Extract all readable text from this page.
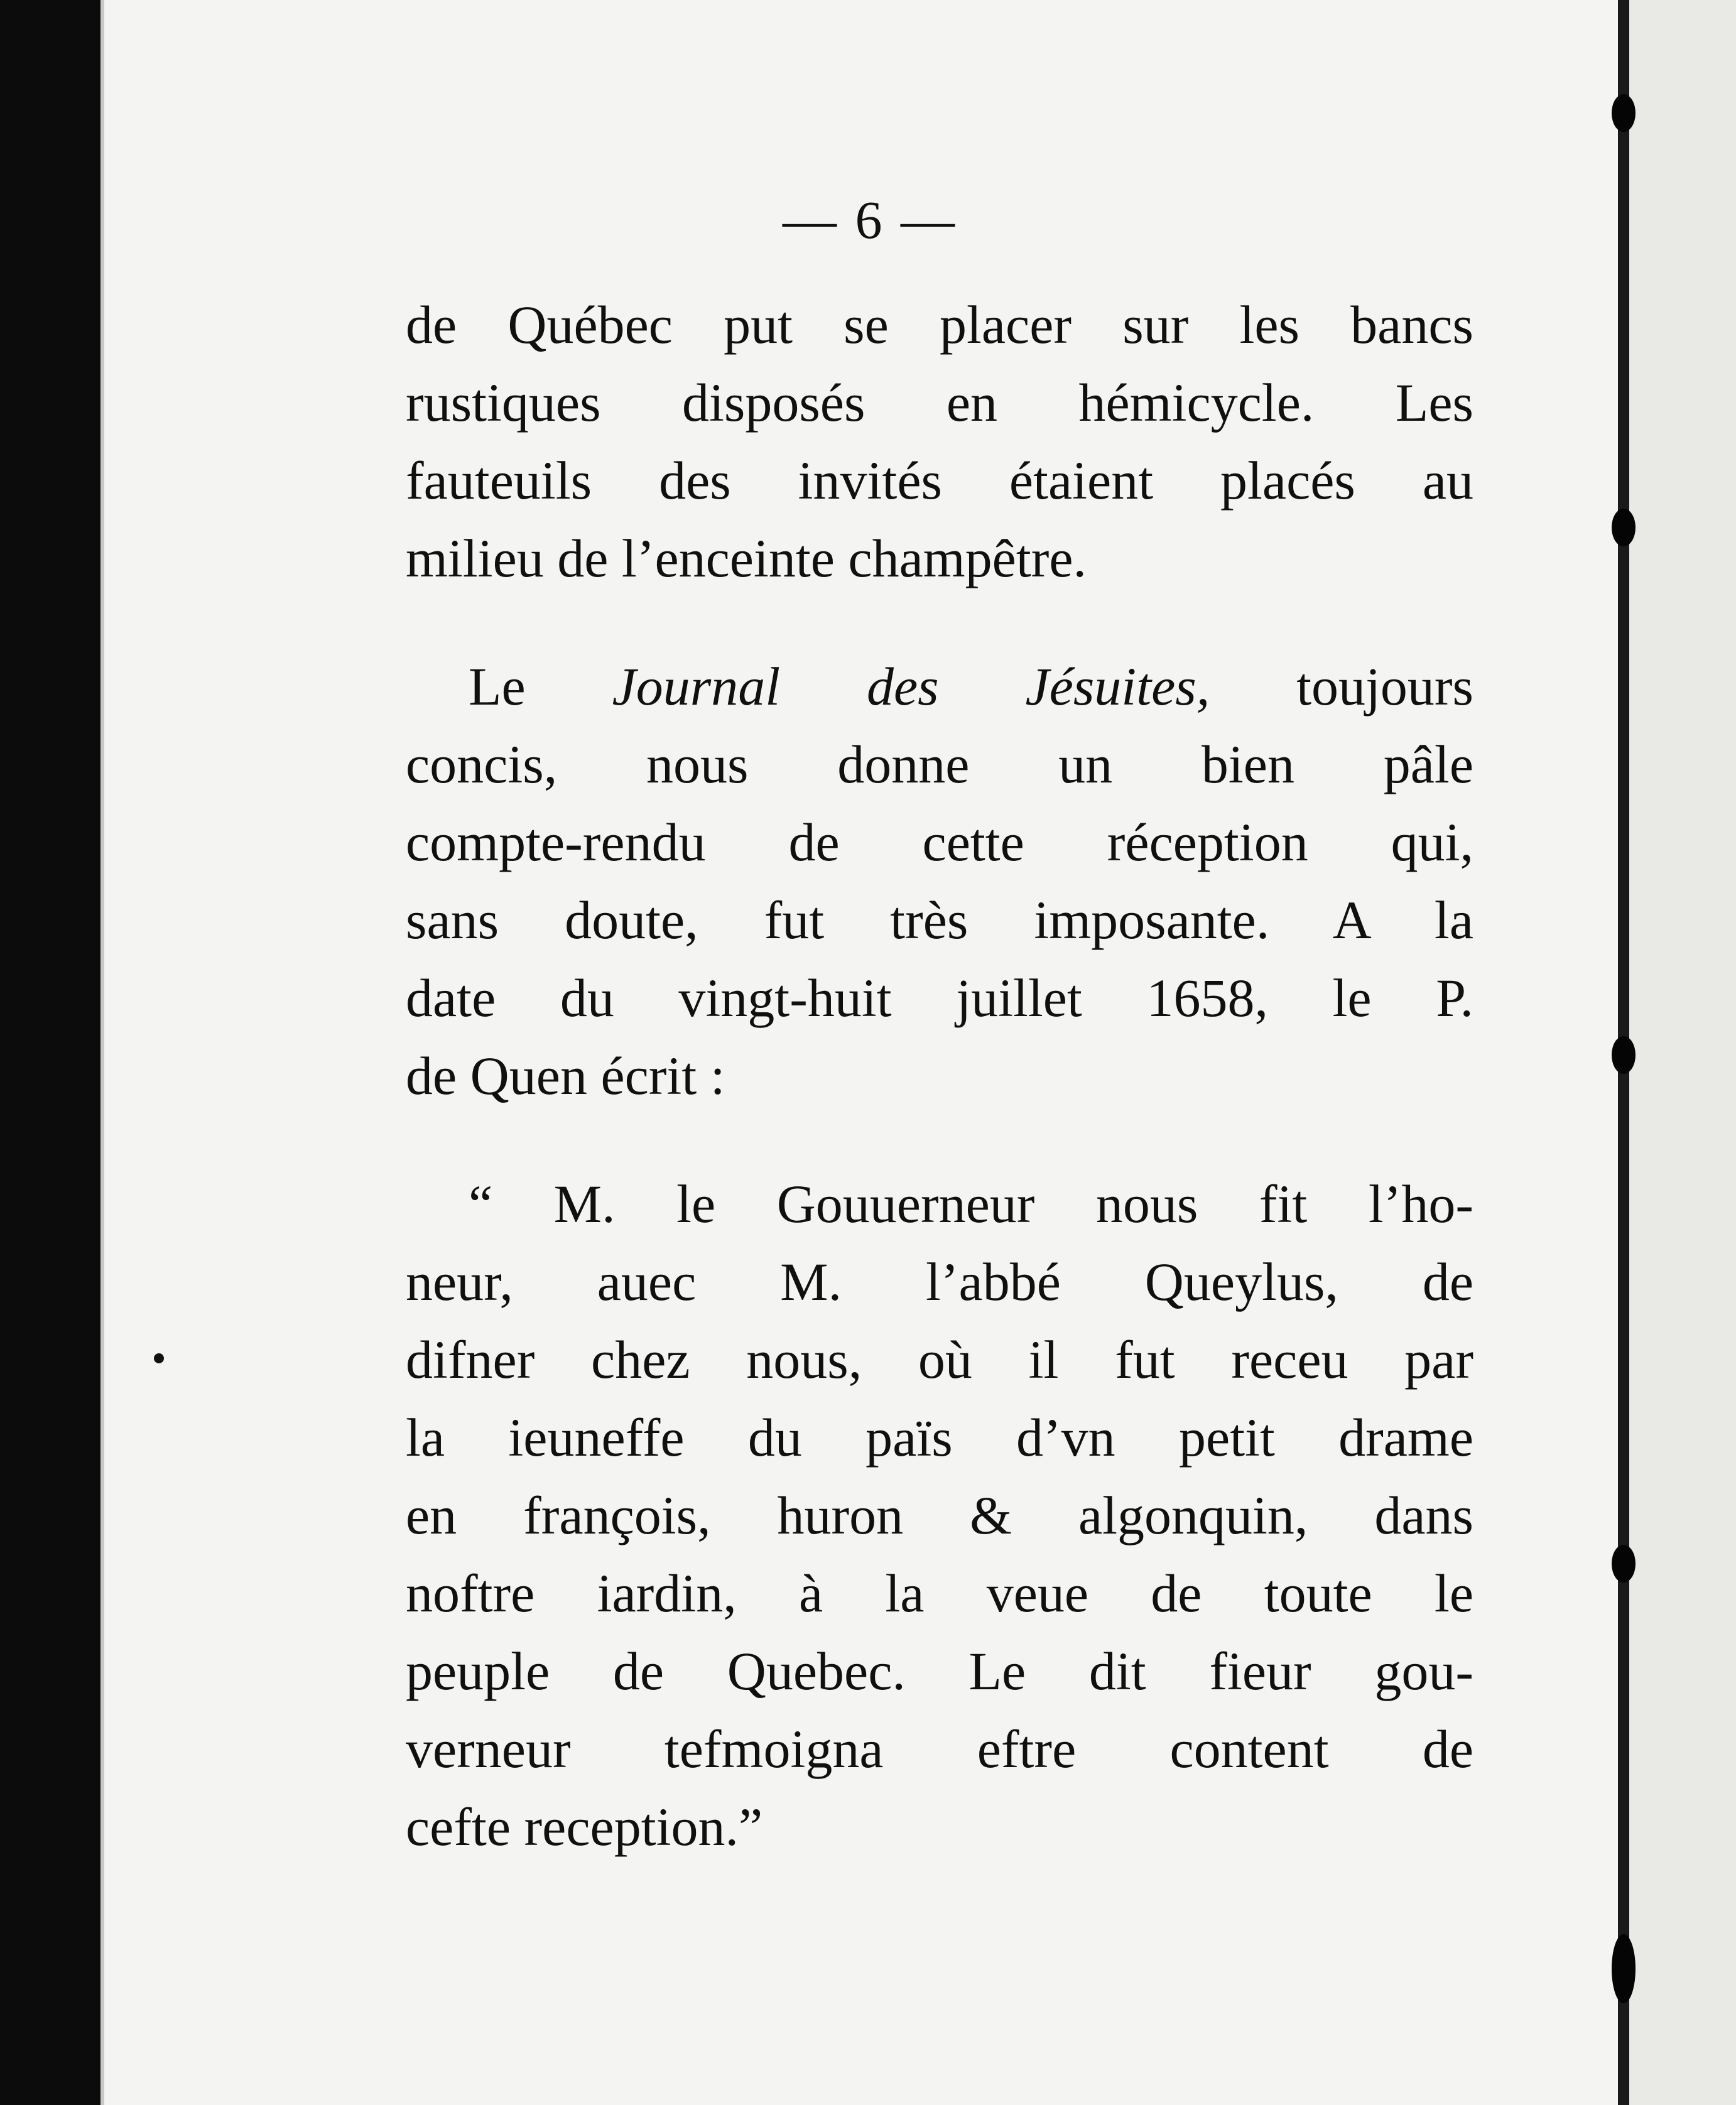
— 6 —

de Québec put se placer sur les bancs
rustiques disposés en hémicycle. Les
fauteuils des invités étaient placés au
milieu de l’enceinte champêtre.

Le Journal des Jésuites, toujours
concis, nous donne un bien pâle
compte-rendu de cette réception qui,
sans doute, fut très imposante. A la
date du vingt-huit juillet 1658, le P.
de Quen écrit :

“ M. le Gouuerneur nous fit l’ho-
neur, auec M. l’abbé Queylus, de
difner chez nous, où il fut receu par
la ieuneffe du païs d’vn petit drame
en françois, huron & algonquin, dans
noftre iardin, à la veue de toute le
peuple de Quebec. Le dit fieur gou-
verneur tefmoigna eftre content de
cefte reception.”
